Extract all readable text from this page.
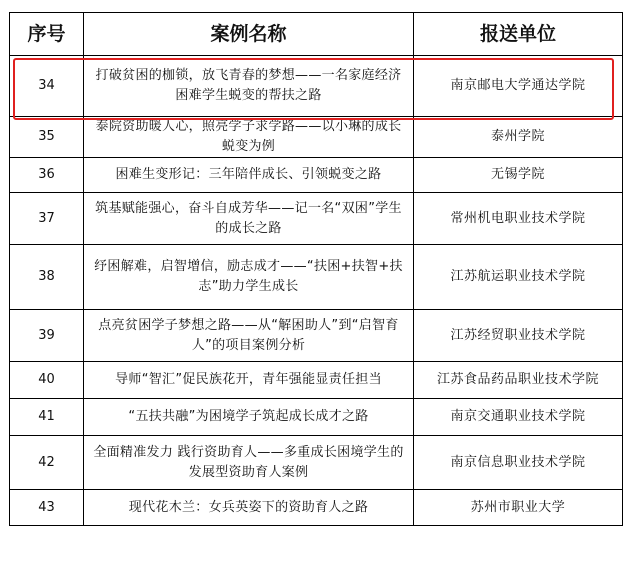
序号	案例名称	报送单位
34	打破贫困的枷锁，放飞青春的梦想——一名家庭经济困难学生蜕变的帮扶之路	南京邮电大学通达学院
35	泰院资助暖人心，照亮学子求学路——以小琳的成长蜕变为例	泰州学院
36	困难生变形记：三年陪伴成长、引领蜕变之路	无锡学院
37	筑基赋能强心，奋斗自成芳华——记一名“双困”学生的成长之路	常州机电职业技术学院
38	纾困解难，启智增信，励志成才——“扶困+扶智+扶志”助力学生成长	江苏航运职业技术学院
39	点亮贫困学子梦想之路——从“解困助人”到“启智育人”的项目案例分析	江苏经贸职业技术学院
40	导师“智汇”促民族花开，青年强能显责任担当	江苏食品药品职业技术学院
41	“五扶共融”为困境学子筑起成长成才之路	南京交通职业技术学院
42	全面精准发力 践行资助育人——多重成长困境学生的发展型资助育人案例	南京信息职业技术学院
43	现代花木兰：女兵英姿下的资助育人之路	苏州市职业大学
